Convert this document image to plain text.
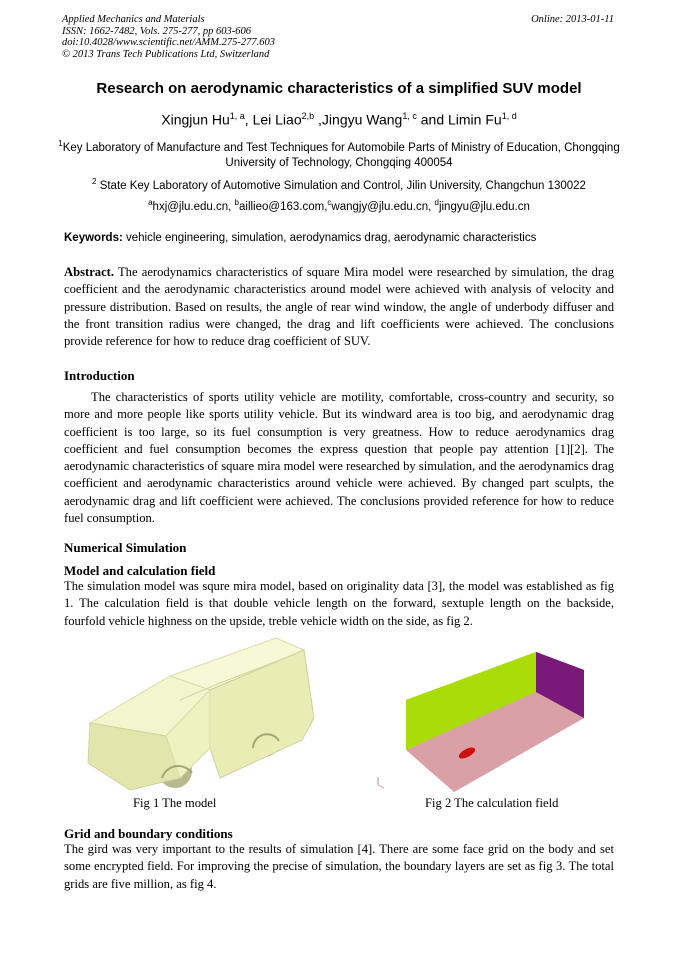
Applied Mechanics and Materials
ISSN: 1662-7482, Vols. 275-277, pp 603-606
doi:10.4028/www.scientific.net/AMM.275-277.603
© 2013 Trans Tech Publications Ltd, Switzerland
Online: 2013-01-11
Research on aerodynamic characteristics of a simplified SUV model
Xingjun Hu$^{1, a}$, Lei Liao$^{2,b}$ ,Jingyu Wang$^{1, c}$ and Limin Fu$^{1, d}$
$^1$Key Laboratory of Manufacture and Test Techniques for Automobile Parts of Ministry of Education, Chongqing University of Technology, Chongqing 400054
$^2$ State Key Laboratory of Automotive Simulation and Control, Jilin University, Changchun 130022
$^a$hxj@jlu.edu.cn, $^b$aillieo@163.com,$^c$wangjy@jlu.edu.cn, $^d$jingyu@jlu.edu.cn
Keywords: vehicle engineering, simulation, aerodynamics drag, aerodynamic characteristics
Abstract. The aerodynamics characteristics of square Mira model were researched by simulation, the drag coefficient and the aerodynamic characteristics around model were achieved with analysis of velocity and pressure distribution. Based on results, the angle of rear wind window, the angle of underbody diffuser and the front transition radius were changed, the drag and lift coefficients were achieved. The conclusions provide reference for how to reduce drag coefficient of SUV.
Introduction
The characteristics of sports utility vehicle are motility, comfortable, cross-country and security, so more and more people like sports utility vehicle. But its windward area is too big, and aerodynamic drag coefficient is too large, so its fuel consumption is very greatness. How to reduce aerodynamics drag coefficient and fuel consumption becomes the express question that people pay attention [1][2]. The aerodynamic characteristics of square mira model were researched by simulation, and the aerodynamics drag coefficient and aerodynamic characteristics around vehicle were achieved. By changed part sculpts, the aerodynamic drag and lift coefficient were achieved. The conclusions provided reference for how to reduce fuel consumption.
Numerical Simulation
Model and calculation field
The simulation model was squre mira model, based on originality data [3], the model was established as fig 1. The calculation field is that double vehicle length on the forward, sextuple length on the backside, fourfold vehicle highness on the upside, treble vehicle width on the side, as fig 2.
Fig 1 The model	Fig 2 The calculation field
Grid and boundary conditions
The gird was very important to the results of simulation [4]. There are some face grid on the body and set some encrypted field. For improving the precise of simulation, the boundary layers are set as fig 3. The total grids are five million, as fig 4.
